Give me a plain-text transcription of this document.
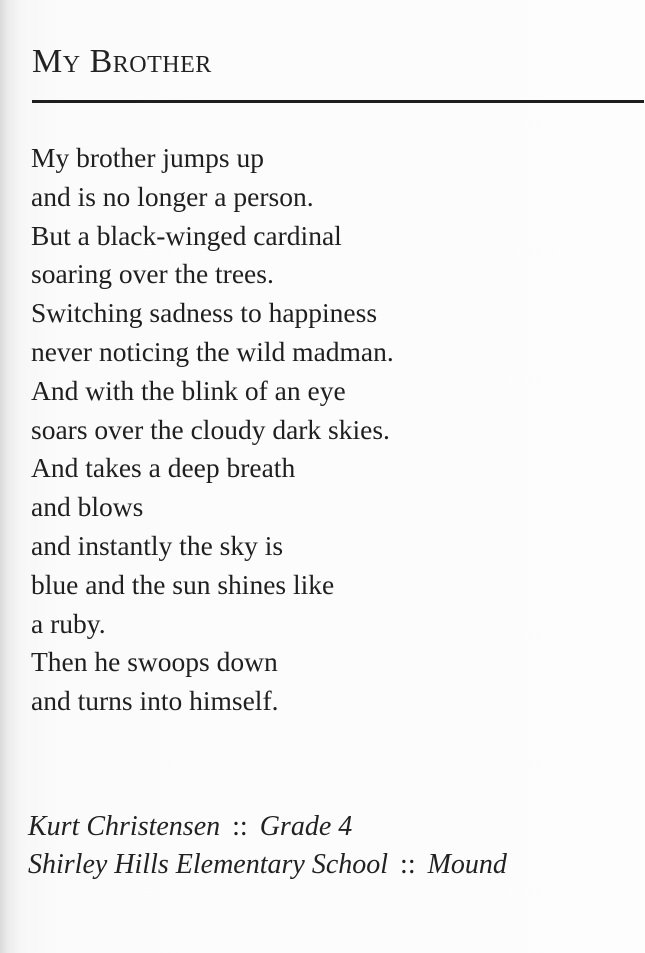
My Brother
My brother jumps up
and is no longer a person.
But a black-winged cardinal
soaring over the trees.
Switching sadness to happiness
never noticing the wild madman.
And with the blink of an eye
soars over the cloudy dark skies.
And takes a deep breath
and blows
and instantly the sky is
blue and the sun shines like
a ruby.
Then he swoops down
and turns into himself.
Kurt Christensen :: Grade 4
Shirley Hills Elementary School :: Mound
